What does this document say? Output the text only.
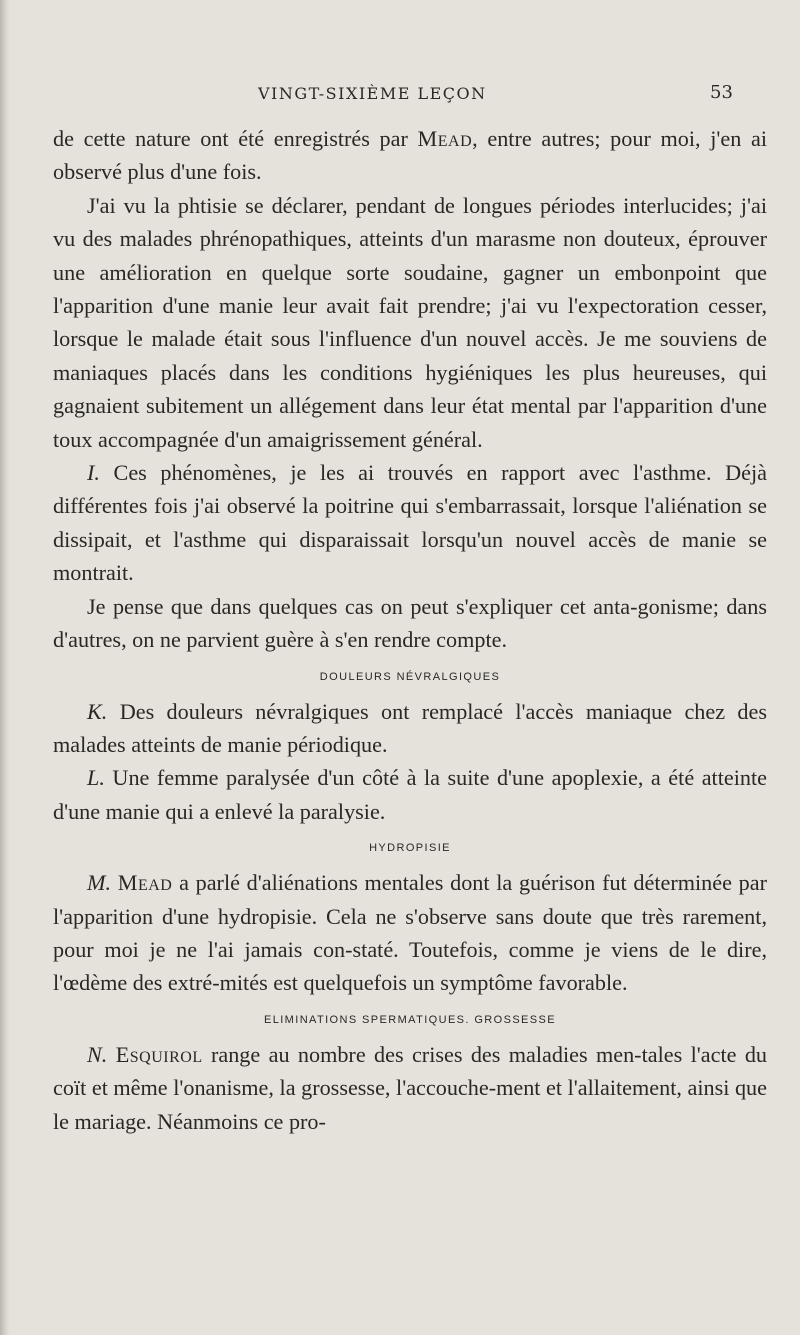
VINGT-SIXIÈME LEÇON	53

de cette nature ont été enregistrés par Mead, entre autres; pour moi, j'en ai observé plus d'une fois.

J'ai vu la phtisie se déclarer, pendant de longues périodes interlucides; j'ai vu des malades phrénopathiques, atteints d'un marasme non douteux, éprouver une amélioration en quelque sorte soudaine, gagner un embonpoint que l'apparition d'une manie leur avait fait prendre; j'ai vu l'expectoration cesser, lorsque le malade était sous l'influence d'un nouvel accès. Je me souviens de maniaques placés dans les conditions hygiéniques les plus heureuses, qui gagnaient subitement un allégement dans leur état mental par l'apparition d'une toux accompagnée d'un amaigrissement général.

I. Ces phénomènes, je les ai trouvés en rapport avec l'asthme. Déjà différentes fois j'ai observé la poitrine qui s'embarrassait, lorsque l'aliénation se dissipait, et l'asthme qui disparaissait lorsqu'un nouvel accès de manie se montrait.

Je pense que dans quelques cas on peut s'expliquer cet anta-gonisme; dans d'autres, on ne parvient guère à s'en rendre compte.

DOULEURS NÉVRALGIQUES

K. Des douleurs névralgiques ont remplacé l'accès maniaque chez des malades atteints de manie périodique.

L. Une femme paralysée d'un côté à la suite d'une apoplexie, a été atteinte d'une manie qui a enlevé la paralysie.

HYDROPISIE

M. Mead a parlé d'aliénations mentales dont la guérison fut déterminée par l'apparition d'une hydropisie. Cela ne s'observe sans doute que très rarement, pour moi je ne l'ai jamais con-staté. Toutefois, comme je viens de le dire, l'œdème des extré-mités est quelquefois un symptôme favorable.

ELIMINATIONS SPERMATIQUES. GROSSESSE

N. Esquirol range au nombre des crises des maladies men-tales l'acte du coït et même l'onanisme, la grossesse, l'accouche-ment et l'allaitement, ainsi que le mariage. Néanmoins ce pro-
